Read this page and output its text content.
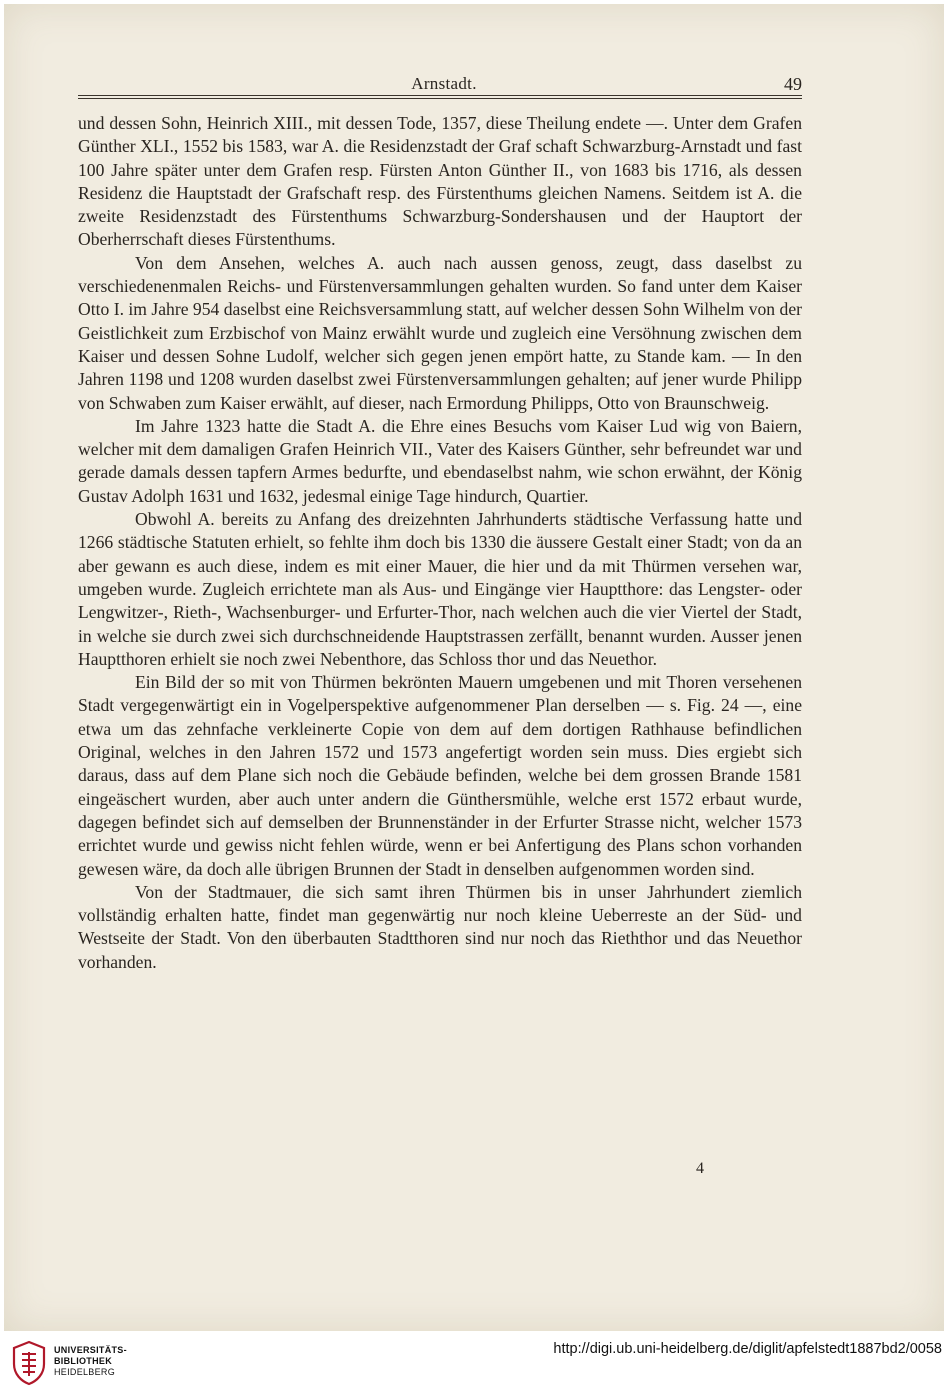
Arnstadt.	49

und dessen Sohn, Heinrich XIII., mit dessen Tode, 1357, diese Theilung endete —. Unter dem Grafen Günther XLI., 1552 bis 1583, war A. die Residenzstadt der Graf schaft Schwarzburg-Arnstadt und fast 100 Jahre später unter dem Grafen resp. Fürsten Anton Günther II., von 1683 bis 1716, als dessen Residenz die Hauptstadt der Grafschaft resp. des Fürstenthums gleichen Namens. Seitdem ist A. die zweite Residenzstadt des Fürstenthums Schwarzburg-Sondershausen und der Hauptort der Oberherrschaft dieses Fürstenthums.

Von dem Ansehen, welches A. auch nach aussen genoss, zeugt, dass daselbst zu verschiedenenmalen Reichs- und Fürstenversammlungen gehalten wurden. So fand unter dem Kaiser Otto I. im Jahre 954 daselbst eine Reichsversammlung statt, auf welcher dessen Sohn Wilhelm von der Geistlichkeit zum Erzbischof von Mainz erwählt wurde und zugleich eine Versöhnung zwischen dem Kaiser und dessen Sohne Ludolf, welcher sich gegen jenen empört hatte, zu Stande kam. — In den Jahren 1198 und 1208 wurden daselbst zwei Fürstenversammlungen gehalten; auf jener wurde Philipp von Schwaben zum Kaiser erwählt, auf dieser, nach Ermordung Philipps, Otto von Braunschweig.

Im Jahre 1323 hatte die Stadt A. die Ehre eines Besuchs vom Kaiser Lud wig von Baiern, welcher mit dem damaligen Grafen Heinrich VII., Vater des Kaisers Günther, sehr befreundet war und gerade damals dessen tapfern Armes bedurfte, und ebendaselbst nahm, wie schon erwähnt, der König Gustav Adolph 1631 und 1632, jedesmal einige Tage hindurch, Quartier.

Obwohl A. bereits zu Anfang des dreizehnten Jahrhunderts städtische Verfassung hatte und 1266 städtische Statuten erhielt, so fehlte ihm doch bis 1330 die äussere Gestalt einer Stadt; von da an aber gewann es auch diese, indem es mit einer Mauer, die hier und da mit Thürmen versehen war, umgeben wurde. Zugleich errichtete man als Aus- und Eingänge vier Hauptthore: das Lengster- oder Lengwitzer-, Rieth-, Wachsenburger- und Erfurter-Thor, nach welchen auch die vier Viertel der Stadt, in welche sie durch zwei sich durchschneidende Hauptstrassen zerfällt, benannt wurden. Ausser jenen Hauptthoren erhielt sie noch zwei Nebenthore, das Schloss thor und das Neuethor.

Ein Bild der so mit von Thürmen bekrönten Mauern umgebenen und mit Thoren versehenen Stadt vergegenwärtigt ein in Vogelperspektive aufgenommener Plan derselben — s. Fig. 24 —, eine etwa um das zehnfache verkleinerte Copie von dem auf dem dortigen Rathhause befindlichen Original, welches in den Jahren 1572 und 1573 angefertigt worden sein muss. Dies ergiebt sich daraus, dass auf dem Plane sich noch die Gebäude befinden, welche bei dem grossen Brande 1581 eingeäschert wurden, aber auch unter andern die Günthersmühle, welche erst 1572 erbaut wurde, dagegen befindet sich auf demselben der Brunnenständer in der Erfurter Strasse nicht, welcher 1573 errichtet wurde und gewiss nicht fehlen würde, wenn er bei Anfertigung des Plans schon vorhanden gewesen wäre, da doch alle übrigen Brunnen der Stadt in denselben aufgenommen worden sind.

Von der Stadtmauer, die sich samt ihren Thürmen bis in unser Jahrhundert ziemlich vollständig erhalten hatte, findet man gegenwärtig nur noch kleine Ueberreste an der Süd- und Westseite der Stadt. Von den überbauten Stadtthoren sind nur noch das Rieththor und das Neuethor vorhanden.

4
UNIVERSITÄTS-
BIBLIOTHEK
HEIDELBERG
http://digi.ub.uni-heidelberg.de/diglit/apfelstedt1887bd2/0058
